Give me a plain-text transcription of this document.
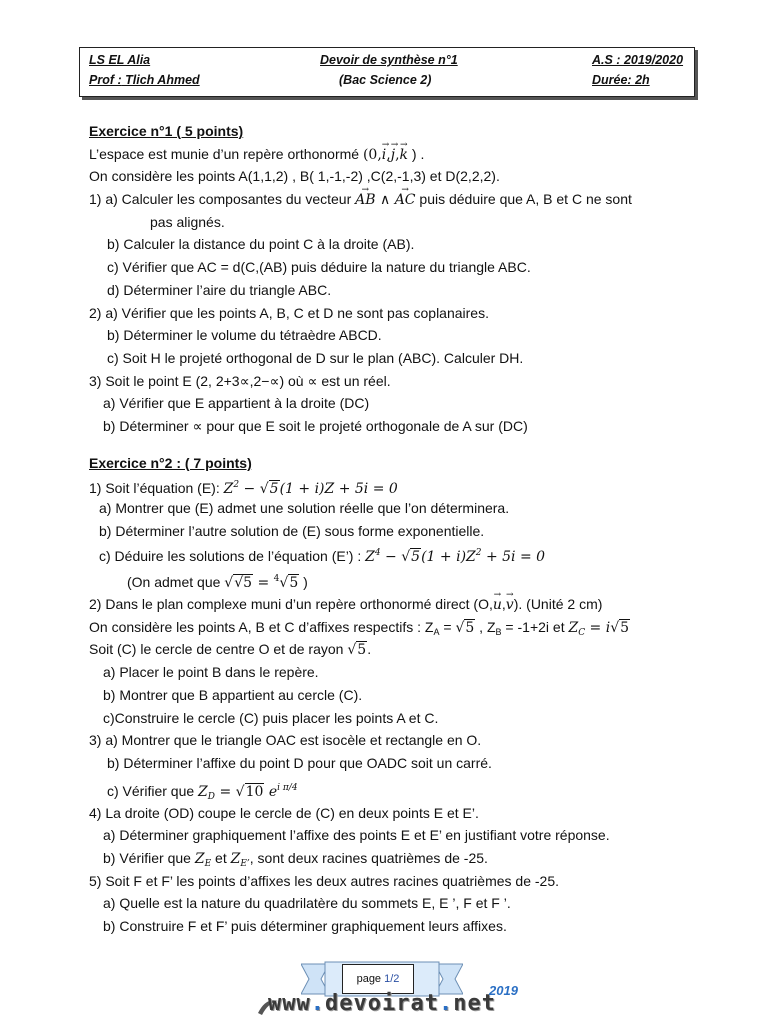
LS EL Alia
Prof : Tlich Ahmed
Devoir de synthèse n°1
(Bac Science 2)
A.S : 2019/2020
Durée: 2h
Exercice n°1 ( 5 points)
L’espace est munie d’un repère orthonormé (0,→ i,→ j,→ k ) .
On considère les points A(1,1,2) , B( 1,-1,-2) ,C(2,-1,3) et D(2,2,2).
1) a) Calculer les composantes du vecteur → AB ∧ → AC puis déduire que A, B et C ne sont
pas alignés.
b) Calculer la distance du point C à la droite (AB).
c) Vérifier que AC = d(C,(AB) puis déduire la nature du triangle ABC.
d) Déterminer l’aire du triangle ABC.
2) a) Vérifier que les points A, B, C et D ne sont pas coplanaires.
b) Déterminer le volume du tétraèdre ABCD.
c) Soit H le projeté orthogonal de D sur le plan (ABC). Calculer DH.
3) Soit le point E (2, 2+3∝,2−∝) où ∝ est un réel.
a) Vérifier que E appartient à la droite (DC)
b) Déterminer ∝ pour que E soit le projeté orthogonale de A sur (DC)
Exercice n°2 : ( 7 points)
1) Soit l’équation (E): $Z^2 - √5(1 + i)Z + 5i = 0$
a) Montrer que (E) admet une solution réelle que l’on déterminera.
b) Déterminer l’autre solution de (E) sous forme exponentielle.
c) Déduire les solutions de l’équation (E’) : $Z^4 - √5(1 + i)Z^2 + 5i = 0$
(On admet que √√5 = $^4$√5 )
2) Dans le plan complexe muni d’un repère orthonormé direct (O,→ u,→ v). (Unité 2 cm)
On considère les points A, B et C d’affixes respectifs : $Z_A = √5$ , $Z_B = -1+2i$ et $Z_C = i√5$
Soit (C) le cercle de centre O et de rayon √5.
a) Placer le point B dans le repère.
b) Montrer que B appartient au cercle (C).
c)Construire le cercle (C) puis placer les points A et C.
3) a) Montrer que le triangle OAC est isocèle et rectangle en O.
b) Déterminer l’affixe du point D pour que OADC soit un carré.
c) Vérifier que $Z_D = √10$ $e^{i \pi/4}$
4) La droite (OD) coupe le cercle de (C) en deux points E et E’.
a) Déterminer graphiquement l’affixe des points E et E’ en justifiant votre réponse.
b) Vérifier que $Z_E$ et $Z_{E’}$, sont deux racines quatrièmes de -25.
5) Soit F et F’ les points d’affixes les deux autres racines quatrièmes de -25.
a) Quelle est la nature du quadrilatère du sommets E, E ’, F et F ’.
b) Construire F et F’ puis déterminer graphiquement leurs affixes.
page 1/2
www.devoirat.net
2019
